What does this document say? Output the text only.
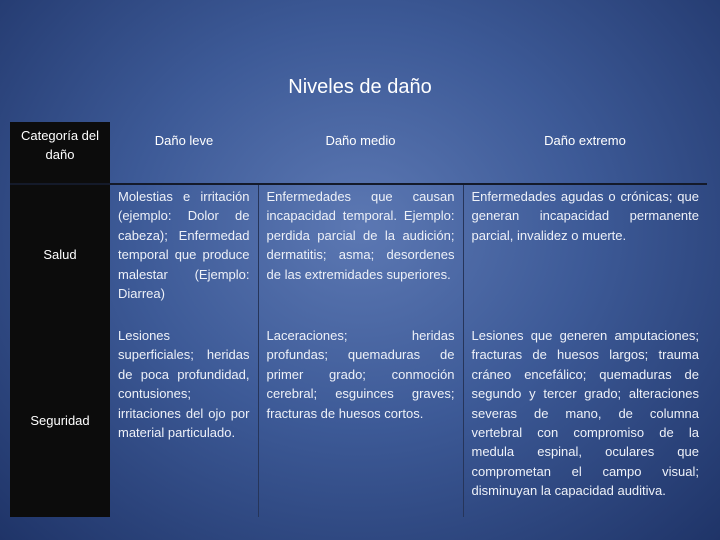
Niveles de daño
Categoría del daño	Daño leve	Daño medio	Daño extremo

Salud	Molestias e irritación (ejemplo: Dolor de cabeza); Enfermedad temporal que produce malestar (Ejemplo: Diarrea)	Enfermedades que causan incapacidad temporal. Ejemplo: perdida parcial de la audición; dermatitis; asma; desordenes de las extremidades superiores.	Enfermedades agudas o crónicas; que generan incapacidad permanente parcial, invalidez o muerte.
Seguridad	Lesiones superficiales; heridas de poca profundidad, contusiones; irritaciones del ojo por material particulado.	Laceraciones; heridas profundas; quemaduras de primer grado; conmoción cerebral; esguinces graves; fracturas de huesos cortos.	Lesiones que generen amputaciones; fracturas de huesos largos; trauma cráneo encefálico; quemaduras de segundo y tercer grado; alteraciones severas de mano, de columna vertebral con compromiso de la medula espinal, oculares que comprometan el campo visual; disminuyan la capacidad auditiva.
